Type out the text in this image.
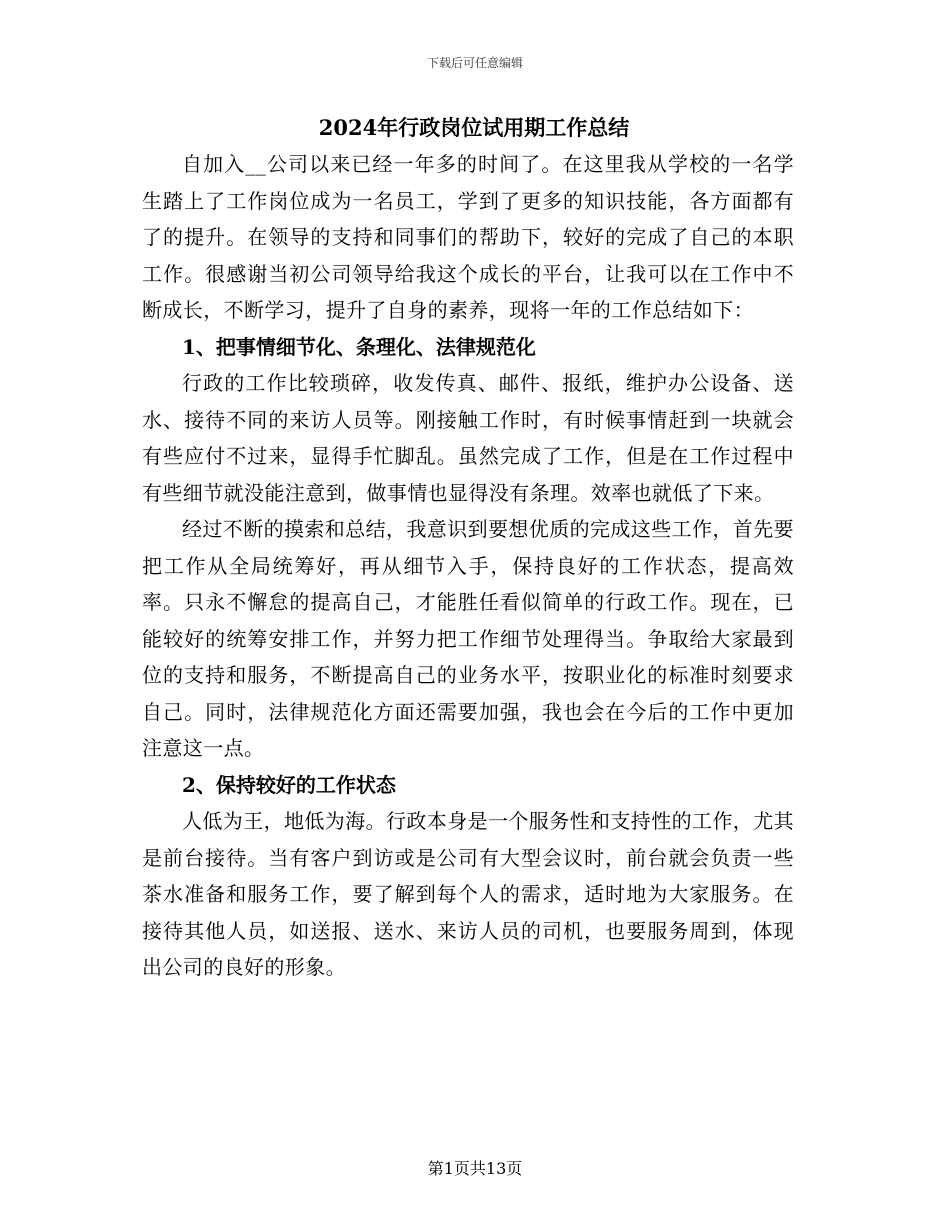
下载后可任意编辑
2024年行政岗位试用期工作总结

自加入__公司以来已经一年多的时间了。在这里我从学校的一名学生踏上了工作岗位成为一名员工，学到了更多的知识技能，各方面都有了的提升。在领导的支持和同事们的帮助下，较好的完成了自己的本职工作。很感谢当初公司领导给我这个成长的平台，让我可以在工作中不断成长，不断学习，提升了自身的素养，现将一年的工作总结如下：

1、把事情细节化、条理化、法律规范化

行政的工作比较琐碎，收发传真、邮件、报纸，维护办公设备、送水、接待不同的来访人员等。刚接触工作时，有时候事情赶到一块就会有些应付不过来，显得手忙脚乱。虽然完成了工作，但是在工作过程中有些细节就没能注意到，做事情也显得没有条理。效率也就低了下来。

经过不断的摸索和总结，我意识到要想优质的完成这些工作，首先要把工作从全局统筹好，再从细节入手，保持良好的工作状态，提高效率。只永不懈怠的提高自己，才能胜任看似简单的行政工作。现在，已能较好的统筹安排工作，并努力把工作细节处理得当。争取给大家最到位的支持和服务，不断提高自己的业务水平，按职业化的标准时刻要求自己。同时，法律规范化方面还需要加强，我也会在今后的工作中更加注意这一点。

2、保持较好的工作状态

人低为王，地低为海。行政本身是一个服务性和支持性的工作，尤其是前台接待。当有客户到访或是公司有大型会议时，前台就会负责一些茶水准备和服务工作，要了解到每个人的需求，适时地为大家服务。在接待其他人员，如送报、送水、来访人员的司机，也要服务周到，体现出公司的良好的形象。

第1页共13页
